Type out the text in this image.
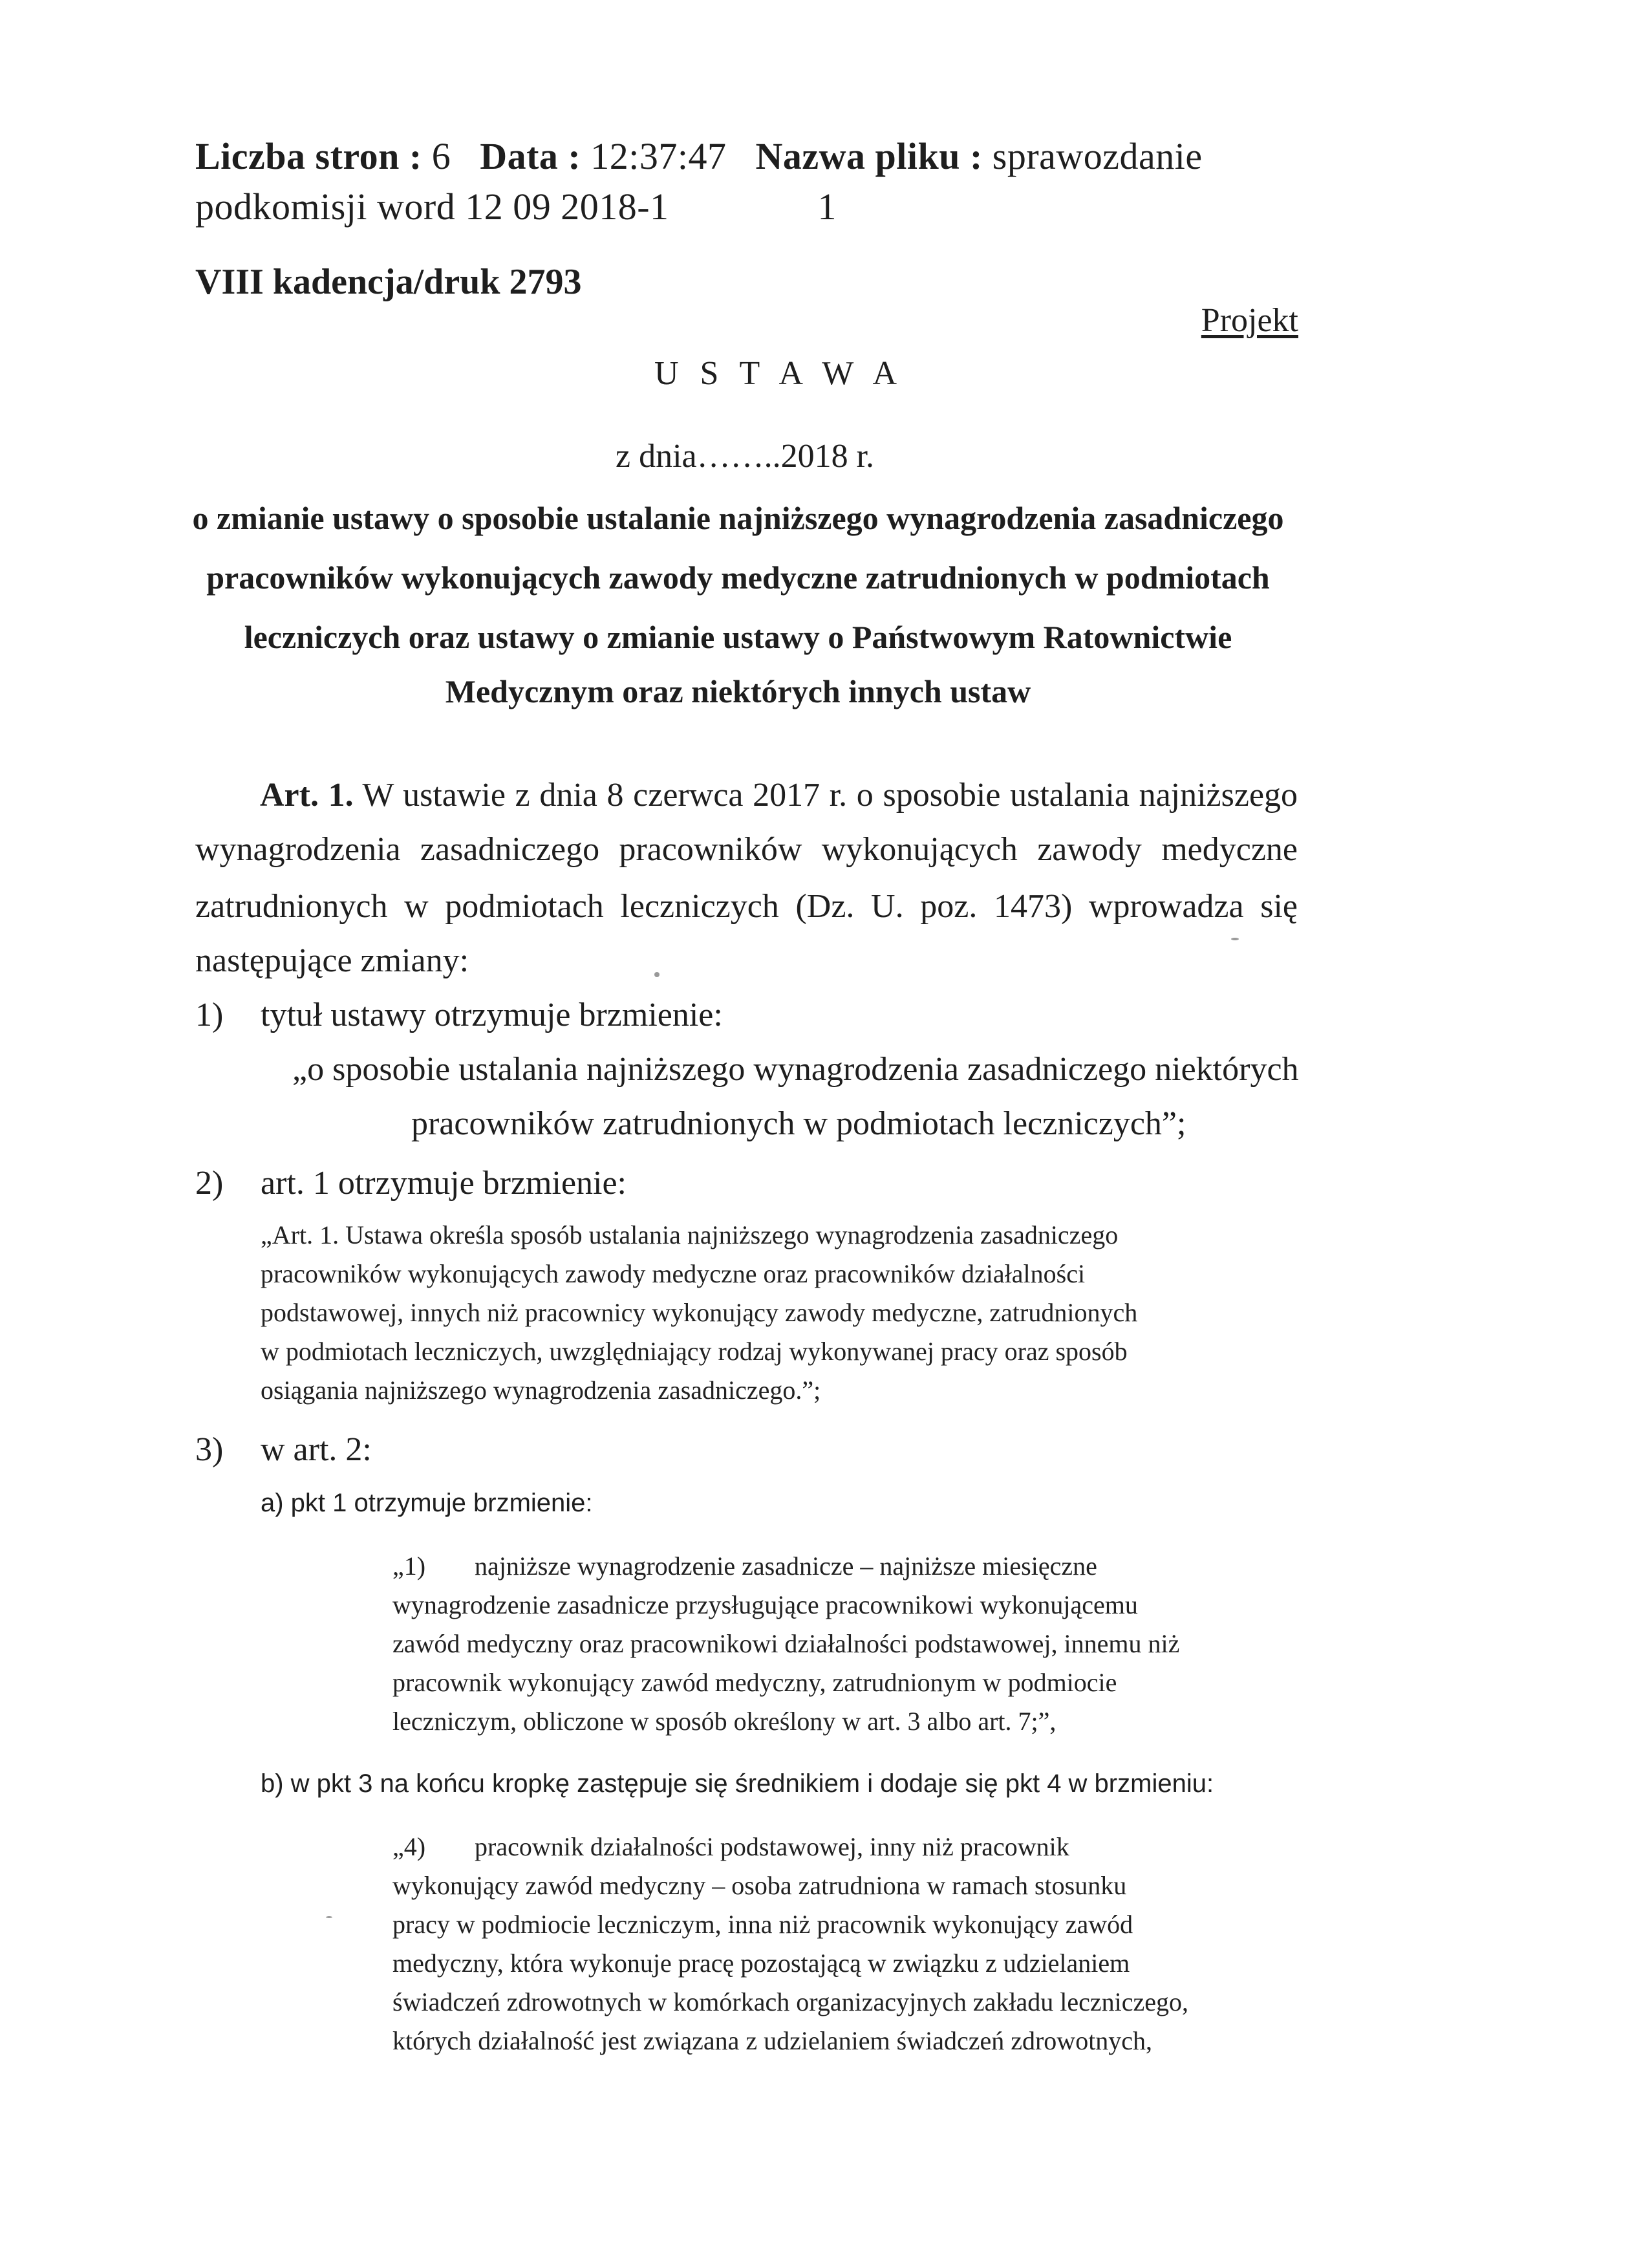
Liczba stron : 6 Data : 12:37:47 Nazwa pliku : sprawozdanie
podkomisji word 12 09 2018-1	1
VIII kadencja/druk 2793
Projekt
U S T A W A
z dnia……..2018 r.
o zmianie ustawy o sposobie ustalanie najniższego wynagrodzenia zasadniczego
pracowników wykonujących zawody medyczne zatrudnionych w podmiotach
leczniczych oraz ustawy o zmianie ustawy o Państwowym Ratownictwie
Medycznym oraz niektórych innych ustaw
Art. 1. W ustawie z dnia 8 czerwca 2017 r. o sposobie ustalania najniższego
wynagrodzenia zasadniczego pracowników wykonujących zawody medyczne
zatrudnionych w podmiotach leczniczych (Dz. U. poz. 1473) wprowadza się
następujące zmiany:
1) tytuł ustawy otrzymuje brzmienie:
„o sposobie ustalania najniższego wynagrodzenia zasadniczego niektórych
pracowników zatrudnionych w podmiotach leczniczych”;
2) art. 1 otrzymuje brzmienie:
„Art. 1. Ustawa określa sposób ustalania najniższego wynagrodzenia zasadniczego
pracowników wykonujących zawody medyczne oraz pracowników działalności
podstawowej, innych niż pracownicy wykonujący zawody medyczne, zatrudnionych
w podmiotach leczniczych, uwzględniający rodzaj wykonywanej pracy oraz sposób
osiągania najniższego wynagrodzenia zasadniczego.”;
3) w art. 2:
a) pkt 1 otrzymuje brzmienie:
„1) najniższe wynagrodzenie zasadnicze – najniższe miesięczne
wynagrodzenie zasadnicze przysługujące pracownikowi wykonującemu
zawód medyczny oraz pracownikowi działalności podstawowej, innemu niż
pracownik wykonujący zawód medyczny, zatrudnionym w podmiocie
leczniczym, obliczone w sposób określony w art. 3 albo art. 7;”,
b) w pkt 3 na końcu kropkę zastępuje się średnikiem i dodaje się pkt 4 w brzmieniu:
„4) pracownik działalności podstawowej, inny niż pracownik
wykonujący zawód medyczny – osoba zatrudniona w ramach stosunku
pracy w podmiocie leczniczym, inna niż pracownik wykonujący zawód
medyczny, która wykonuje pracę pozostającą w związku z udzielaniem
świadczeń zdrowotnych w komórkach organizacyjnych zakładu leczniczego,
których działalność jest związana z udzielaniem świadczeń zdrowotnych,
